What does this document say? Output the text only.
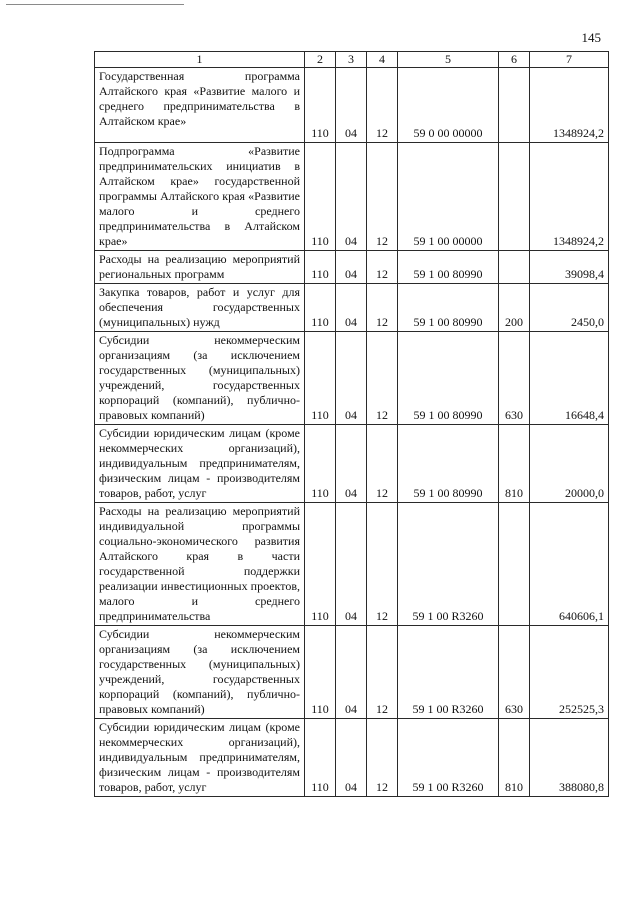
145
1	2	3	4	5	6	7
Государственная программа Алтайского края «Развитие малого и среднего предпринимательства в Алтайском крае»	110	04	12	59 0 00 00000		1348924,2
Подпрограмма «Развитие предпринимательских инициатив в Алтайском крае» государственной программы Алтайского края «Развитие малого и среднего предпринимательства в Алтайском крае»	110	04	12	59 1 00 00000		1348924,2
Расходы на реализацию мероприятий региональных программ	110	04	12	59 1 00 80990		39098,4
Закупка товаров, работ и услуг для обеспечения государственных (муниципальных) нужд	110	04	12	59 1 00 80990	200	2450,0
Субсидии некоммерческим организациям (за исключением государственных (муниципальных) учреждений, государственных корпораций (компаний), публично-правовых компаний)	110	04	12	59 1 00 80990	630	16648,4
Субсидии юридическим лицам (кроме некоммерческих организаций), индивидуальным предпринимателям, физическим лицам - производителям товаров, работ, услуг	110	04	12	59 1 00 80990	810	20000,0
Расходы на реализацию мероприятий индивидуальной программы социально-экономического развития Алтайского края в части государственной поддержки реализации инвестиционных проектов, малого и среднего предпринимательства	110	04	12	59 1 00 R3260		640606,1
Субсидии некоммерческим организациям (за исключением государственных (муниципальных) учреждений, государственных корпораций (компаний), публично-правовых компаний)	110	04	12	59 1 00 R3260	630	252525,3
Субсидии юридическим лицам (кроме некоммерческих организаций), индивидуальным предпринимателям, физическим лицам - производителям товаров, работ, услуг	110	04	12	59 1 00 R3260	810	388080,8
